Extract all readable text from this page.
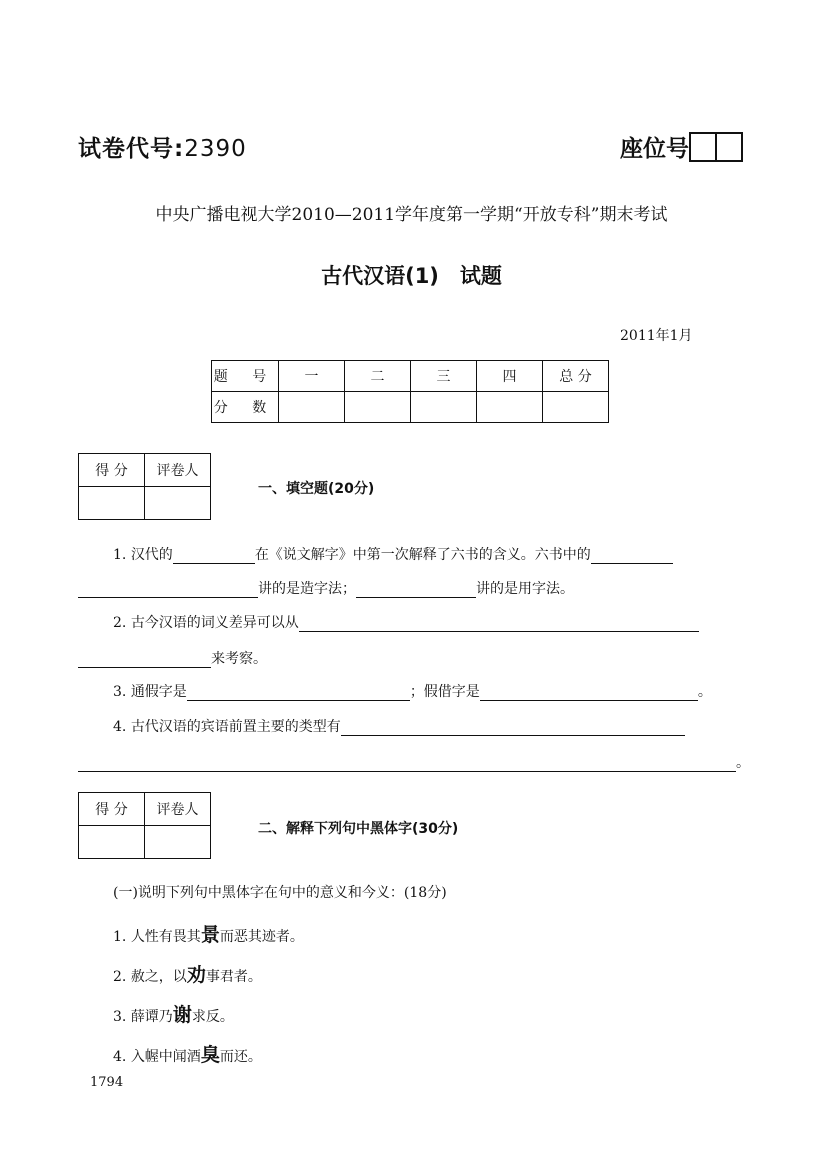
试卷代号:2390	座位号
中央广播电视大学2010—2011学年度第一学期“开放专科”期末考试
古代汉语(1)　试题
2011年1月
题 号	一	二	三	四	总 分
分 数					
得 分	评卷人

一、填空题(20分)
1. 汉代的	在《说文解字》中第一次解释了六书的含义。六书中的
讲的是造字法；	讲的是用字法。
2. 古今汉语的词义差异可以从
来考察。
3. 通假字是	；假借字是	。
4. 古代汉语的宾语前置主要的类型有
。
得 分	评卷人

二、解释下列句中黑体字(30分)
(一)说明下列句中黑体字在句中的意义和今义：(18分)
1. 人性有畏其景而恶其迹者。
2. 赦之，以劝事君者。
3. 薛谭乃谢求反。
4. 入幄中闻酒臭而还。
1794
